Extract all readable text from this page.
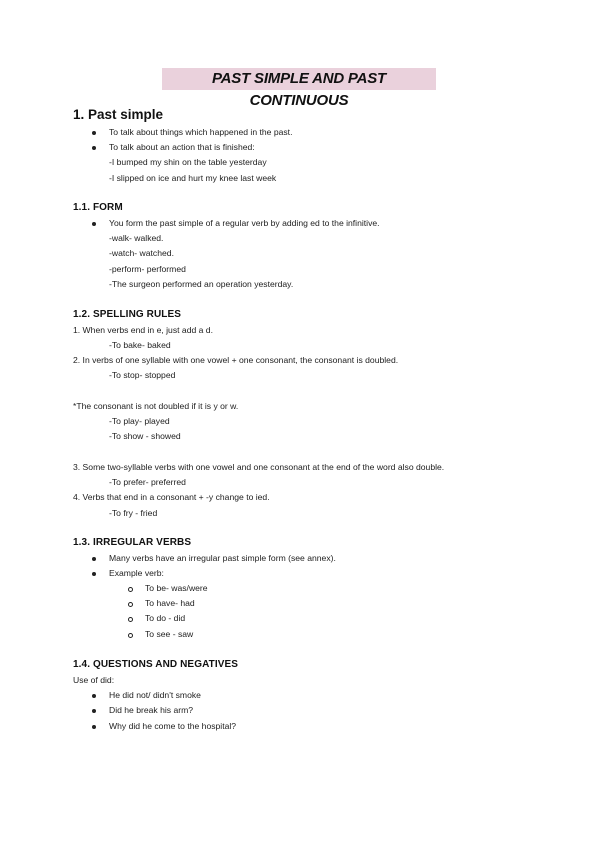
PAST SIMPLE AND PAST CONTINUOUS
1. Past simple
To talk about things which happened in the past.
To talk about an action that is finished:
-I bumped my shin on the table yesterday
-I slipped on ice and hurt my knee last week
1.1. FORM
You form the past simple of a regular verb by adding ed to the infinitive.
-walk- walked.
-watch- watched.
-perform- performed
-The surgeon performed an operation yesterday.
1.2. SPELLING RULES
1. When verbs end in e, just add a d.
-To bake- baked
2. In verbs of one syllable with one vowel + one consonant, the consonant is doubled.
-To stop- stopped
*The consonant is not doubled if it is y or w.
-To play- played
-To show - showed
3. Some two-syllable verbs with one vowel and one consonant at the end of the word also double.
-To prefer- preferred
4. Verbs that end in a consonant + -y change to ied.
-To fry - fried
1.3. IRREGULAR VERBS
Many verbs have an irregular past simple form (see annex).
Example verb:
To be- was/were
To have- had
To do - did
To see - saw
1.4. QUESTIONS AND NEGATIVES
Use of did:
He did not/ didn't smoke
Did he break his arm?
Why did he come to the hospital?
